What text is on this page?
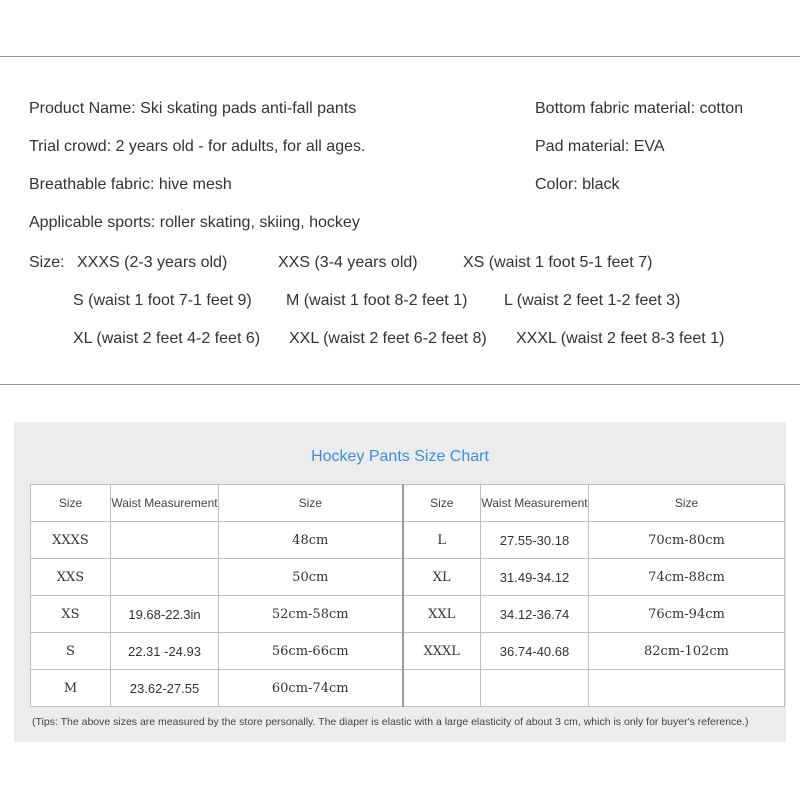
Product Name: Ski skating pads anti-fall pants	Bottom fabric material: cotton
Trial crowd: 2 years old - for adults, for all ages.	Pad material: EVA
Breathable fabric: hive mesh	Color: black
Applicable sports: roller skating, skiing, hockey
Size: XXXS (2-3 years old)	XXS (3-4 years old)	XS (waist 1 foot 5-1 feet 7)
S (waist 1 foot 7-1 feet 9) M (waist 1 foot 8-2 feet 1) L (waist 2 feet 1-2 feet 3)
XL (waist 2 feet 4-2 feet 6) XXL (waist 2 feet 6-2 feet 8) XXXL (waist 2 feet 8-3 feet 1)
Hockey Pants Size Chart
Size	Waist Measurement	Size	Size	Waist Measurement	Size
XXXS		48cm	L	27.55-30.18	70cm-80cm
XXS		50cm	XL	31.49-34.12	74cm-88cm
XS	19.68-22.3in	52cm-58cm	XXL	34.12-36.74	76cm-94cm
S	22.31 -24.93	56cm-66cm	XXXL	36.74-40.68	82cm-102cm
M	23.62-27.55	60cm-74cm			
(Tips: The above sizes are measured by the store personally. The diaper is elastic with a large elasticity of about 3 cm, which is only for buyer's reference.)
